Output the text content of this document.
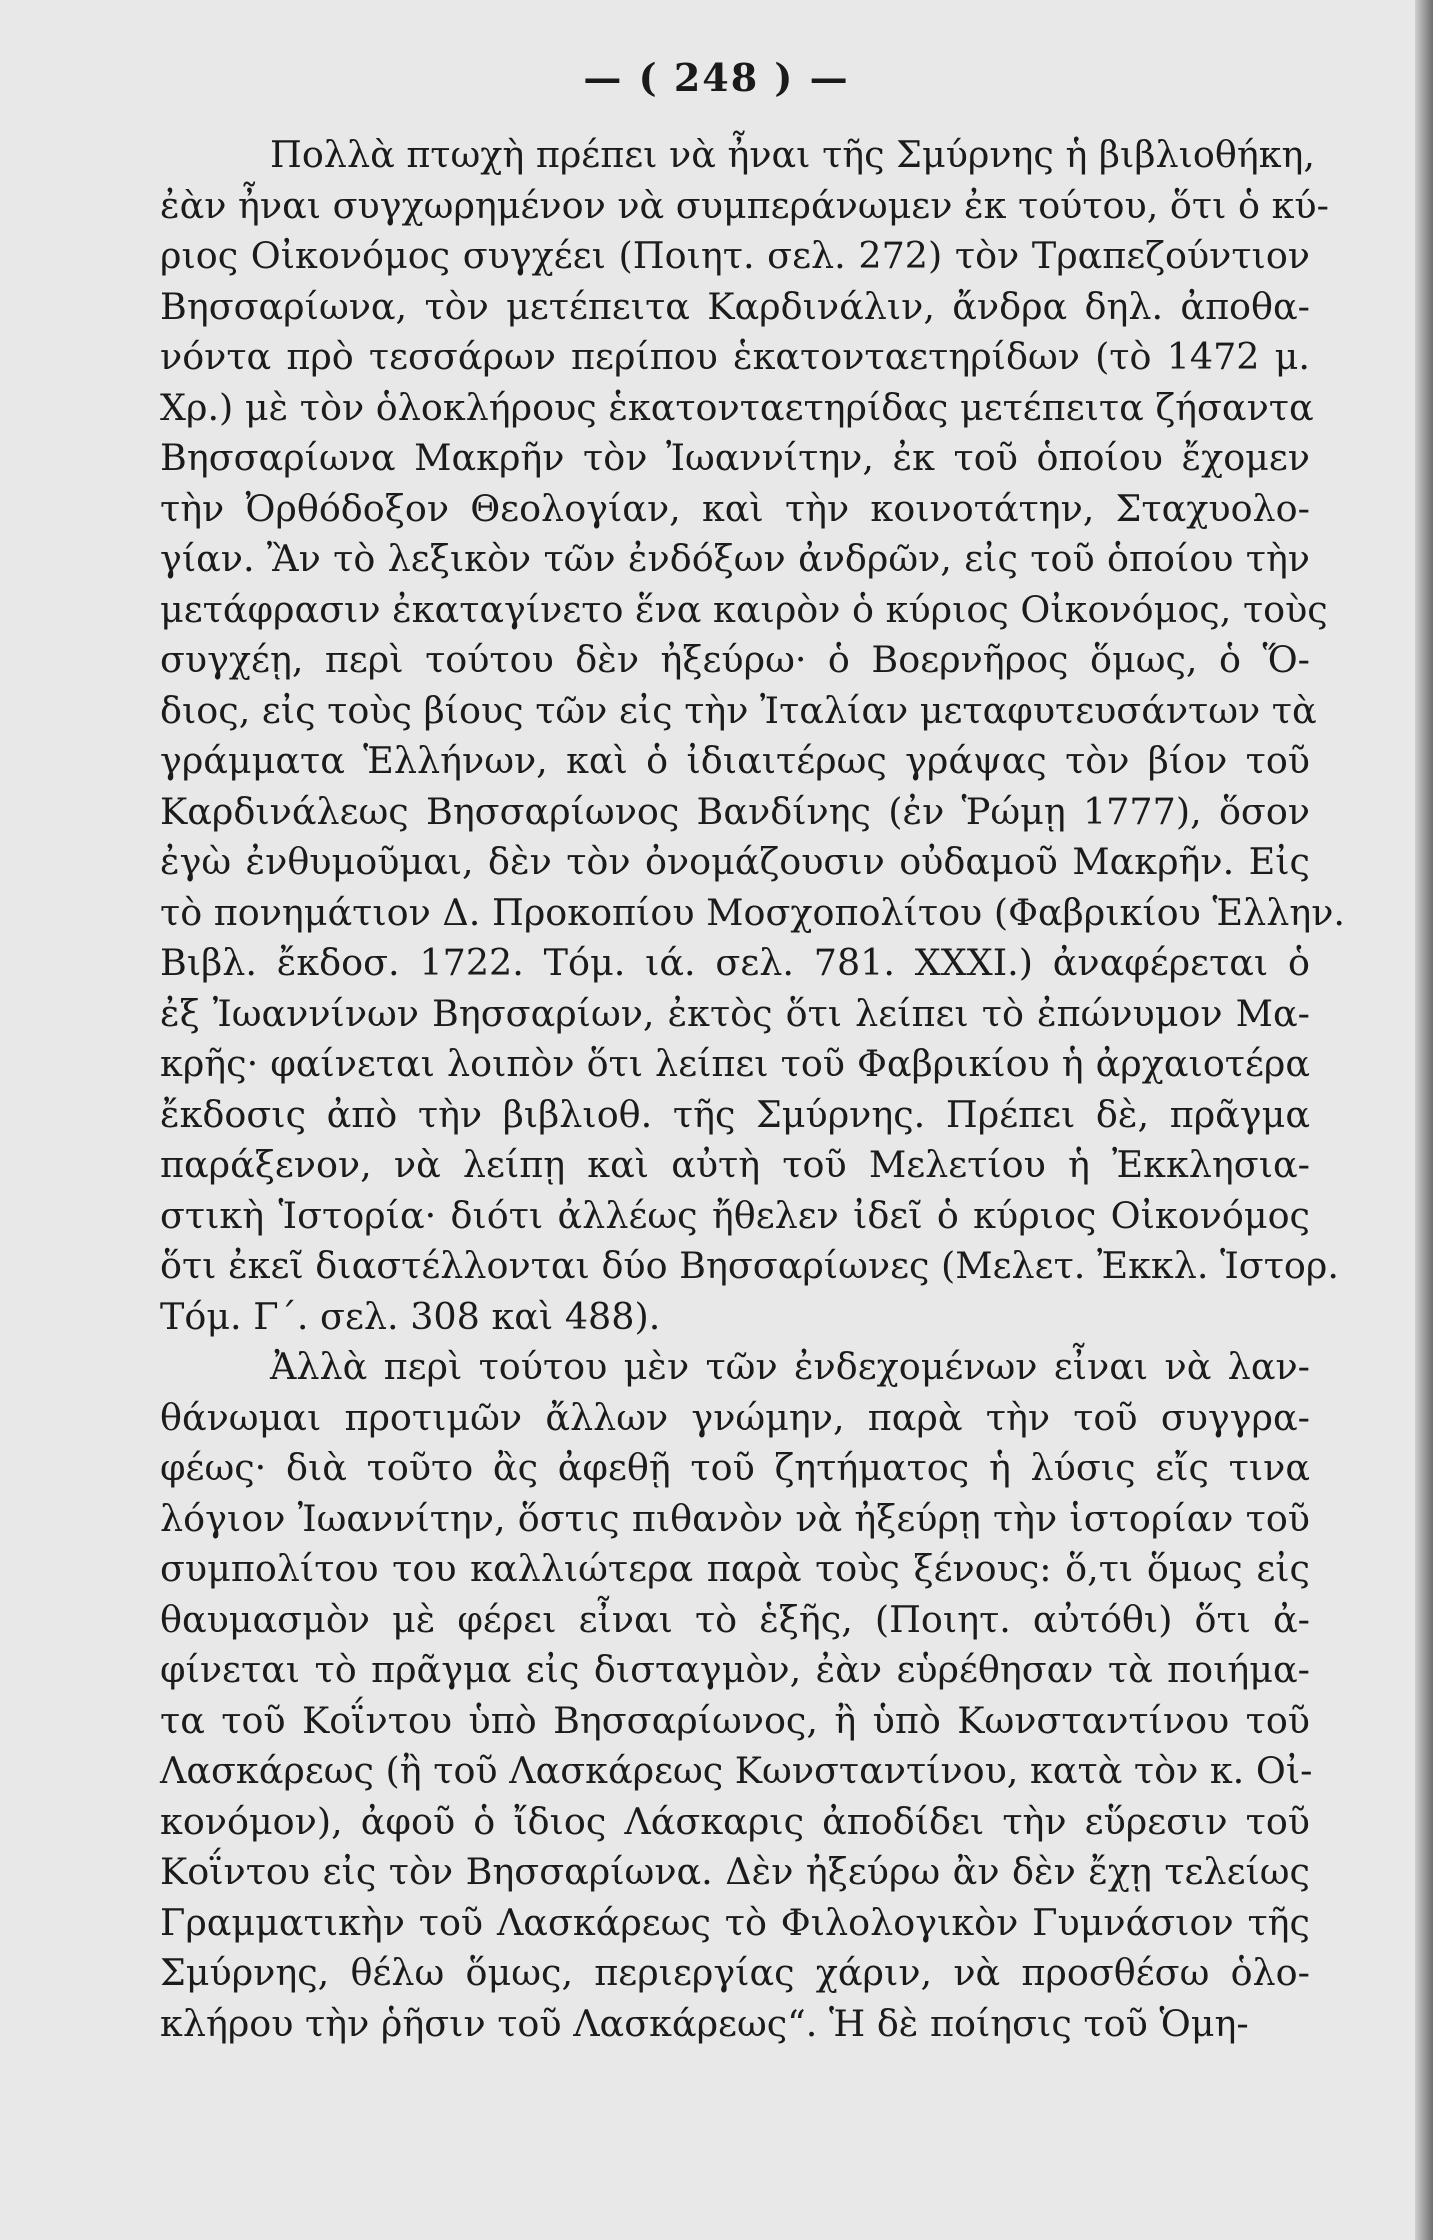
— ( 248 ) —
Πολλὰ πτωχὴ πρέπει νὰ ἦναι τῆς Σμύρνης ἡ βιβλιοθήκη,
ἐὰν ἦναι συγχωρημένον νὰ συμπεράνωμεν ἐκ τούτου, ὅτι ὁ κύ-
ριος Οἰκονόμος συγχέει (Ποιητ. σελ. 272) τὸν Τραπεζούντιον
Βησσαρίωνα, τὸν μετέπειτα Καρδινάλιν, ἄνδρα δηλ. ἀποθα-
νόντα πρὸ τεσσάρων περίπου ἑκατονταετηρίδων (τὸ 1472 μ.
Χρ.) μὲ τὸν ὁλοκλήρους ἑκατονταετηρίδας μετέπειτα ζήσαντα
Βησσαρίωνα Μακρῆν τὸν Ἰωαννίτην, ἐκ τοῦ ὁποίου ἔχομεν
τὴν Ὀρθόδοξον Θεολογίαν, καὶ τὴν κοινοτάτην, Σταχυολο-
γίαν. Ἂν τὸ λεξικὸν τῶν ἐνδόξων ἀνδρῶν, εἰς τοῦ ὁποίου τὴν
μετάφρασιν ἐκαταγίνετο ἕνα καιρὸν ὁ κύριος Οἰκονόμος, τοὺς
συγχέῃ, περὶ τούτου δὲν ἠξεύρω· ὁ Βοερνῆρος ὅμως, ὁ Ὅ-
διος, εἰς τοὺς βίους τῶν εἰς τὴν Ἰταλίαν μεταφυτευσάντων τὰ
γράμματα Ἑλλήνων, καὶ ὁ ἰδιαιτέρως γράψας τὸν βίον τοῦ
Καρδινάλεως Βησσαρίωνος Βανδίνης (ἐν Ῥώμῃ 1777), ὅσον
ἐγὼ ἐνθυμοῦμαι, δὲν τὸν ὀνομάζουσιν οὐδαμοῦ Μακρῆν. Εἰς
τὸ πονημάτιον Δ. Προκοπίου Μοσχοπολίτου (Φαβρικίου Ἑλλην.
Βιβλ. ἔκδοσ. 1722. Τόμ. ιά. σελ. 781. XXXI.) ἀναφέρεται ὁ
ἐξ Ἰωαννίνων Βησσαρίων, ἐκτὸς ὅτι λείπει τὸ ἐπώνυμον Μα-
κρῆς· φαίνεται λοιπὸν ὅτι λείπει τοῦ Φαβρικίου ἡ ἀρχαιοτέρα
ἔκδοσις ἀπὸ τὴν βιβλιοθ. τῆς Σμύρνης. Πρέπει δὲ, πρᾶγμα
παράξενον, νὰ λείπῃ καὶ αὐτὴ τοῦ Μελετίου ἡ Ἐκκλησια-
στικὴ Ἱστορία· διότι ἀλλέως ἤθελεν ἰδεῖ ὁ κύριος Οἰκονόμος
ὅτι ἐκεῖ διαστέλλονται δύο Βησσαρίωνες (Μελετ. Ἐκκλ. Ἱστορ.
Τόμ. Γ΄. σελ. 308 καὶ 488).
Ἀλλὰ περὶ τούτου μὲν τῶν ἐνδεχομένων εἶναι νὰ λαν-
θάνωμαι προτιμῶν ἄλλων γνώμην, παρὰ τὴν τοῦ συγγρα-
φέως· διὰ τοῦτο ἂς ἀφεθῇ τοῦ ζητήματος ἡ λύσις εἴς τινα
λόγιον Ἰωαννίτην, ὅστις πιθανὸν νὰ ἠξεύρῃ τὴν ἱστορίαν τοῦ
συμπολίτου του καλλιώτερα παρὰ τοὺς ξένους: ὅ,τι ὅμως εἰς
θαυμασμὸν μὲ φέρει εἶναι τὸ ἑξῆς, (Ποιητ. αὐτόθι) ὅτι ἀ-
φίνεται τὸ πρᾶγμα εἰς δισταγμὸν, ἐὰν εὑρέθησαν τὰ ποιήμα-
τα τοῦ Κοΐντου ὑπὸ Βησσαρίωνος, ἢ ὑπὸ Κωνσταντίνου τοῦ
Λασκάρεως (ἢ τοῦ Λασκάρεως Κωνσταντίνου, κατὰ τὸν κ. Οἰ-
κονόμον), ἀφοῦ ὁ ἴδιος Λάσκαρις ἀποδίδει τὴν εὕρεσιν τοῦ
Κοΐντου εἰς τὸν Βησσαρίωνα. Δὲν ἠξεύρω ἂν δὲν ἔχῃ τελείως
Γραμματικὴν τοῦ Λασκάρεως τὸ Φιλολογικὸν Γυμνάσιον τῆς
Σμύρνης, θέλω ὅμως, περιεργίας χάριν, νὰ προσθέσω ὁλο-
κλήρου τὴν ῥῆσιν τοῦ Λασκάρεως“. Ἡ δὲ ποίησις τοῦ Ὁμη-
